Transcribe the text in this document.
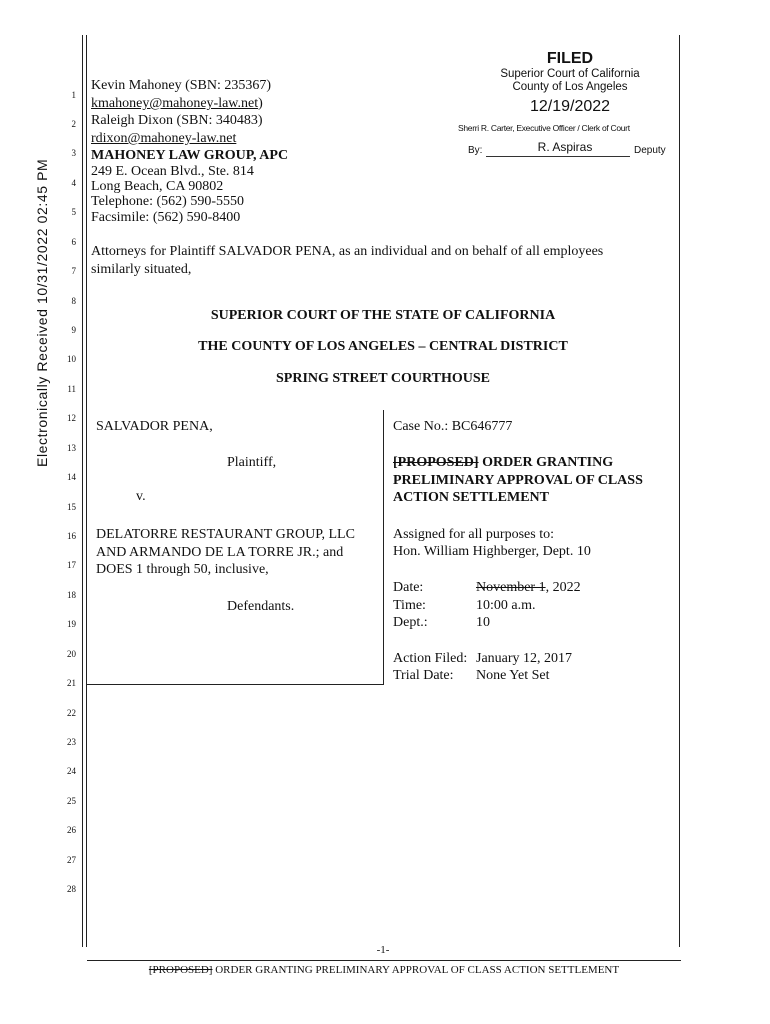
Electronically Received 10/31/2022 02:45 PM
1
2
3
4
5
6
7
8
9
10
11
12
13
14
15
16
17
18
19
20
21
22
23
24
25
26
27
28
FILED
Superior Court of California
County of Los Angeles
12/19/2022
Sherri R. Carter, Executive Officer / Clerk of Court
By:	R. Aspiras	Deputy
Kevin Mahoney (SBN: 235367)
kmahoney@mahoney-law.net)
Raleigh Dixon (SBN: 340483)
rdixon@mahoney-law.net
MAHONEY LAW GROUP, APC
249 E. Ocean Blvd., Ste. 814
Long Beach, CA 90802
Telephone: (562) 590-5550
Facsimile: (562) 590-8400
Attorneys for Plaintiff SALVADOR PENA, as an individual and on behalf of all employees
similarly situated,
SUPERIOR COURT OF THE STATE OF CALIFORNIA
THE COUNTY OF LOS ANGELES – CENTRAL DISTRICT
SPRING STREET COURTHOUSE
SALVADOR PENA,
Plaintiff,
v.
DELATORRE RESTAURANT GROUP, LLC
AND ARMANDO DE LA TORRE JR.; and
DOES 1 through 50, inclusive,
Defendants.
Case No.: BC646777
[PROPOSED] ORDER GRANTING
PRELIMINARY APPROVAL OF CLASS
ACTION SETTLEMENT
Assigned for all purposes to:
Hon. William Highberger, Dept. 10
Date:	November 1, 2022
Time:	10:00 a.m.
Dept.:	10
Action Filed: January 12, 2017
Trial Date: None Yet Set
-1-
[PROPOSED] ORDER GRANTING PRELIMINARY APPROVAL OF CLASS ACTION SETTLEMENT
